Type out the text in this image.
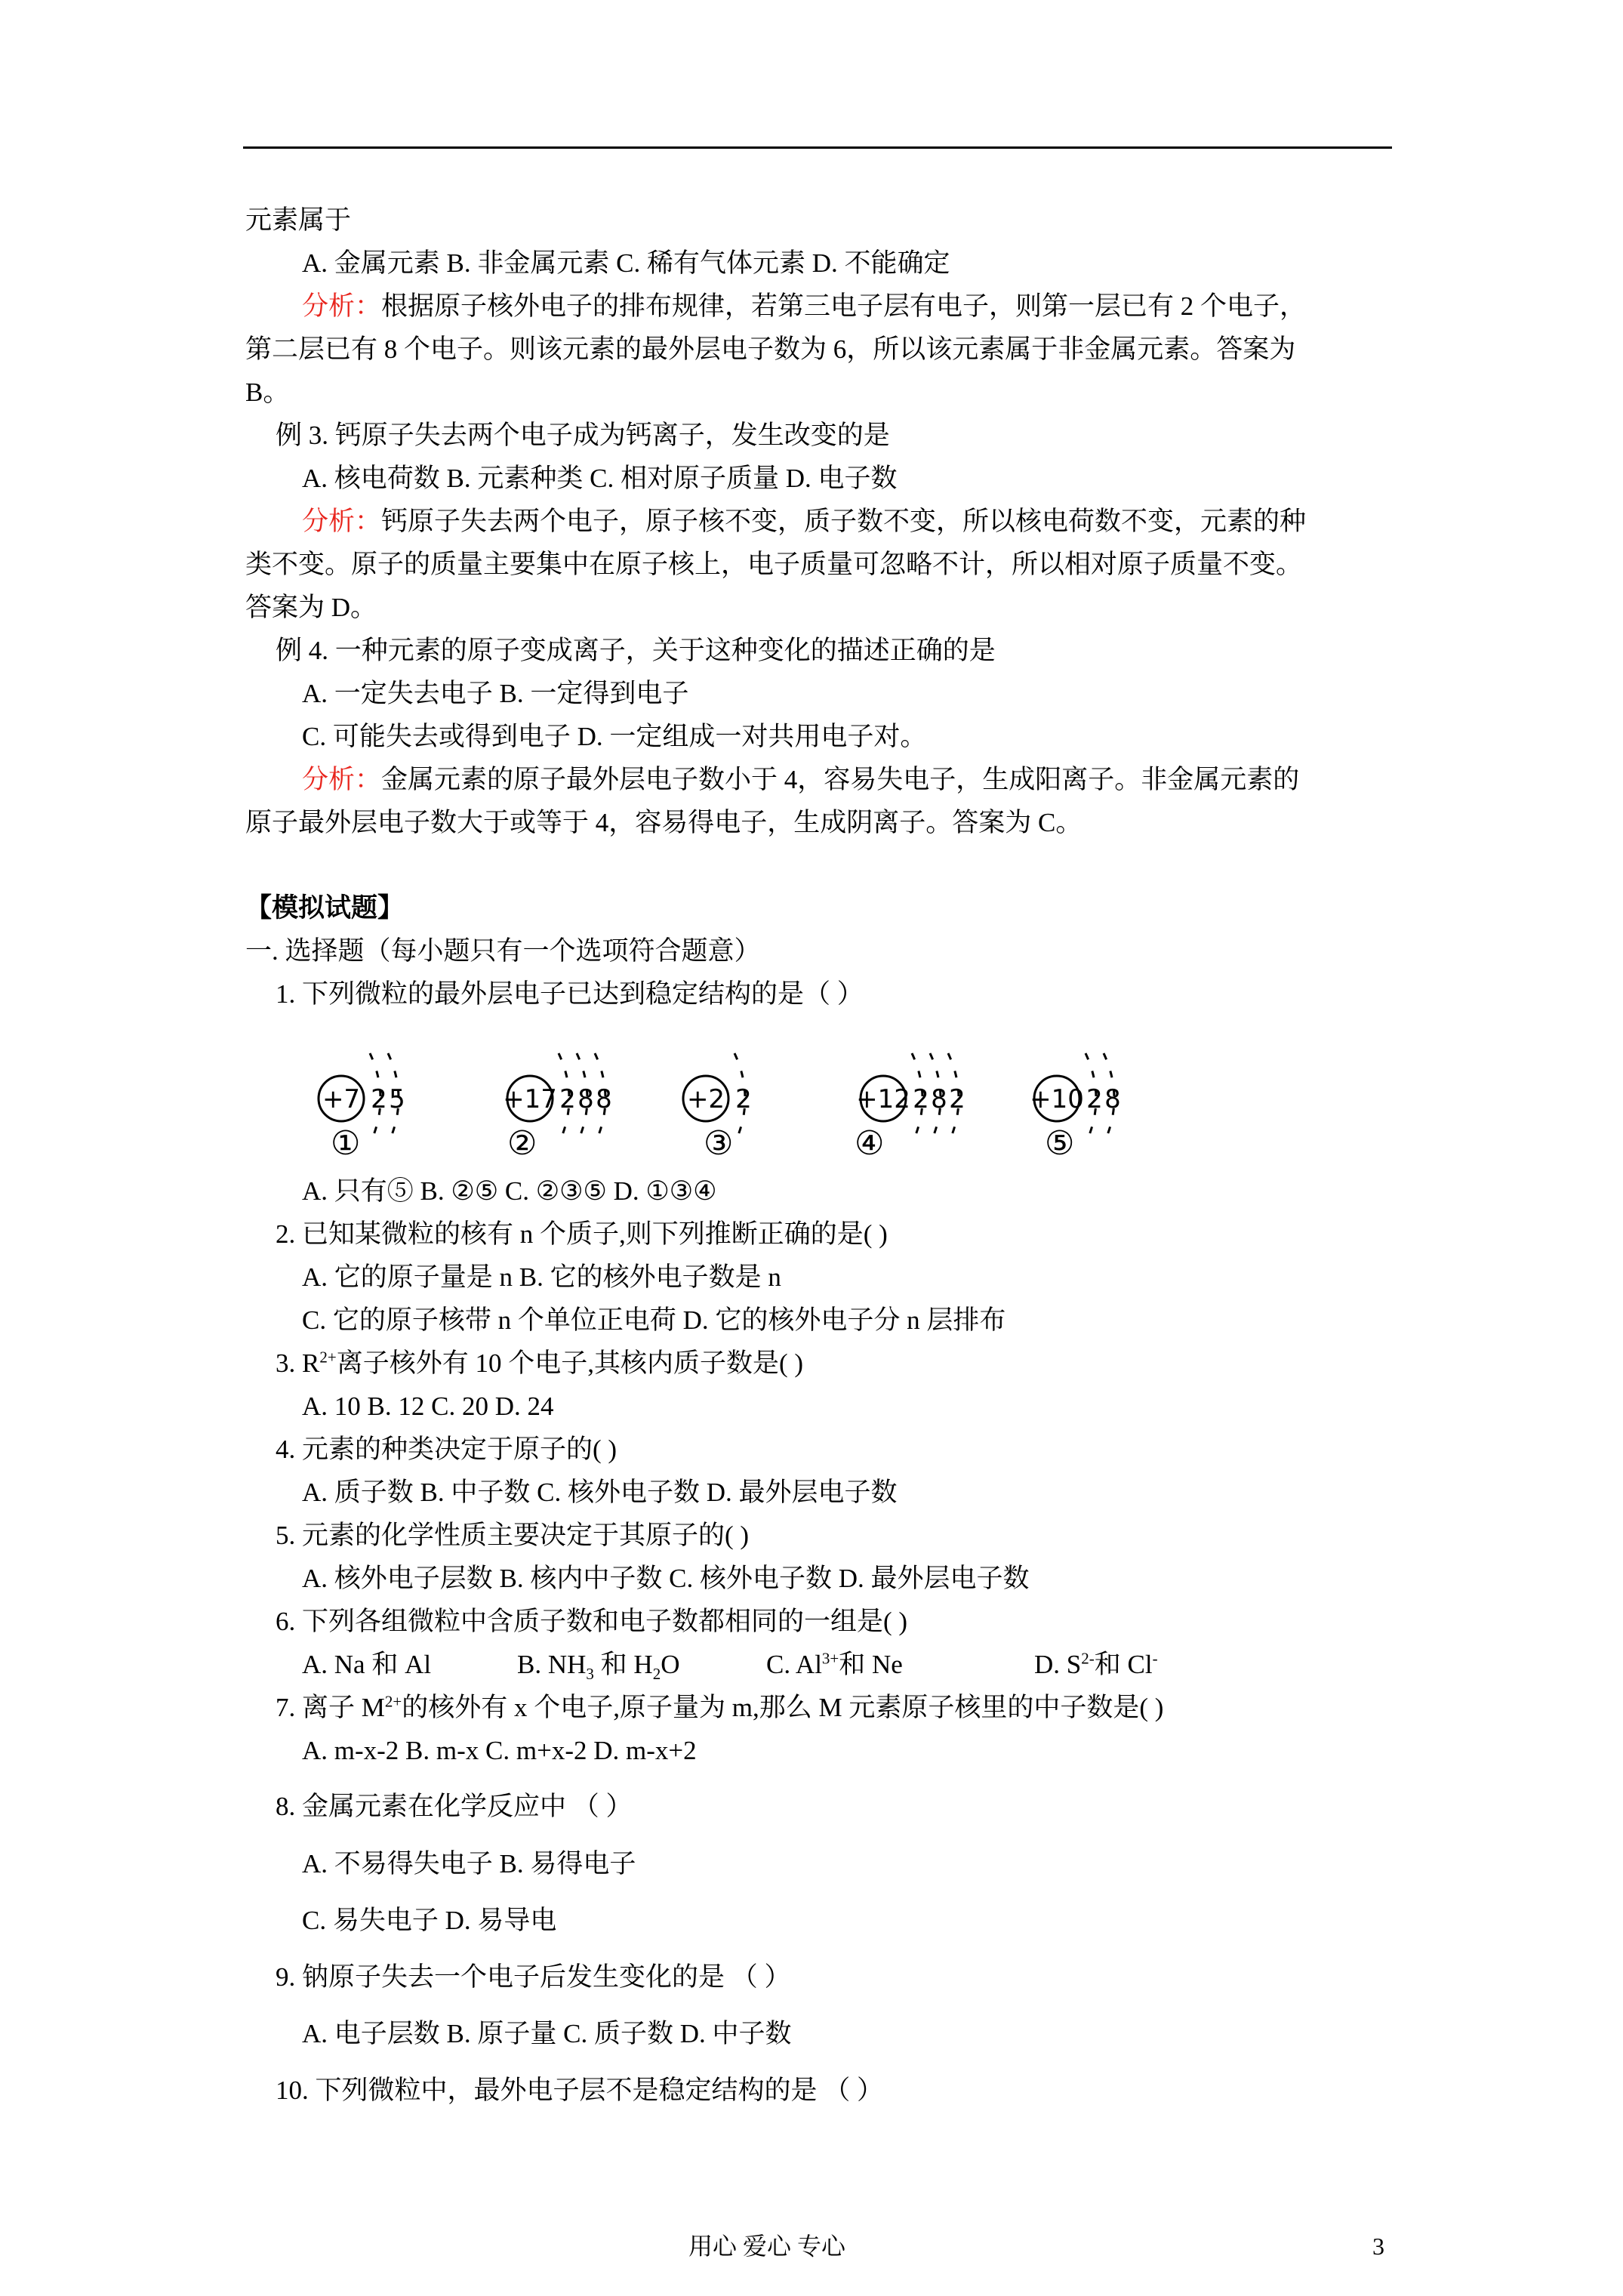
元素属于
A. 金属元素 B. 非金属元素 C. 稀有气体元素 D. 不能确定
分析：根据原子核外电子的排布规律，若第三电子层有电子，则第一层已有 2 个电子，
第二层已有 8 个电子。则该元素的最外层电子数为 6，所以该元素属于非金属元素。答案为
B。
例 3. 钙原子失去两个电子成为钙离子，发生改变的是
A. 核电荷数 B. 元素种类 C. 相对原子质量 D. 电子数
分析：钙原子失去两个电子，原子核不变，质子数不变，所以核电荷数不变，元素的种
类不变。原子的质量主要集中在原子核上，电子质量可忽略不计，所以相对原子质量不变。
答案为 D。
例 4. 一种元素的原子变成离子，关于这种变化的描述正确的是
A. 一定失去电子 B. 一定得到电子
C. 可能失去或得到电子 D. 一定组成一对共用电子对。
分析：金属元素的原子最外层电子数小于 4，容易失电子，生成阳离子。非金属元素的
原子最外层电子数大于或等于 4，容易得电子，生成阴离子。答案为 C。
【模拟试题】
一. 选择题（每小题只有一个选项符合题意）
1. 下列微粒的最外层电子已达到稳定结构的是（ ）
A. 只有⑤ B. ②⑤ C. ②③⑤ D. ①③④
2. 已知某微粒的核有 n 个质子,则下列推断正确的是( )
A. 它的原子量是 n B. 它的核外电子数是 n
C. 它的原子核带 n 个单位正电荷 D. 它的核外电子分 n 层排布
3. $R^{2+}$离子核外有 10 个电子,其核内质子数是( )
A. 10 B. 12 C. 20 D. 24
4. 元素的种类决定于原子的( )
A. 质子数 B. 中子数 C. 核外电子数 D. 最外层电子数
5. 元素的化学性质主要决定于其原子的( )
A. 核外电子层数 B. 核内中子数 C. 核外电子数 D. 最外层电子数
6. 下列各组微粒中含质子数和电子数都相同的一组是( )
7. 离子 $M^{2+}$的核外有 x 个电子,原子量为 m,那么 M 元素原子核里的中子数是( )
A. m-x-2 B. m-x C. m+x-2 D. m-x+2
8. 金属元素在化学反应中 （ ）
A. 不易得失电子 B. 易得电子
C. 易失电子 D. 易导电
9. 钠原子失去一个电子后发生变化的是 （ ）
A. 电子层数 B. 原子量 C. 质子数 D. 中子数
10. 下列微粒中，最外电子层不是稳定结构的是 （ ）
A. Na 和 Al	B. $NH_3$ 和 $H_2O$	C. $Al^{3+}$和 Ne	D. $S^{2-}$和 Cl-
+7 2 5	+17 2 8 8	+2 2	+12 2 8 2	+10 2 8
①	②	③	④	⑤
用心 爱心 专心	3
